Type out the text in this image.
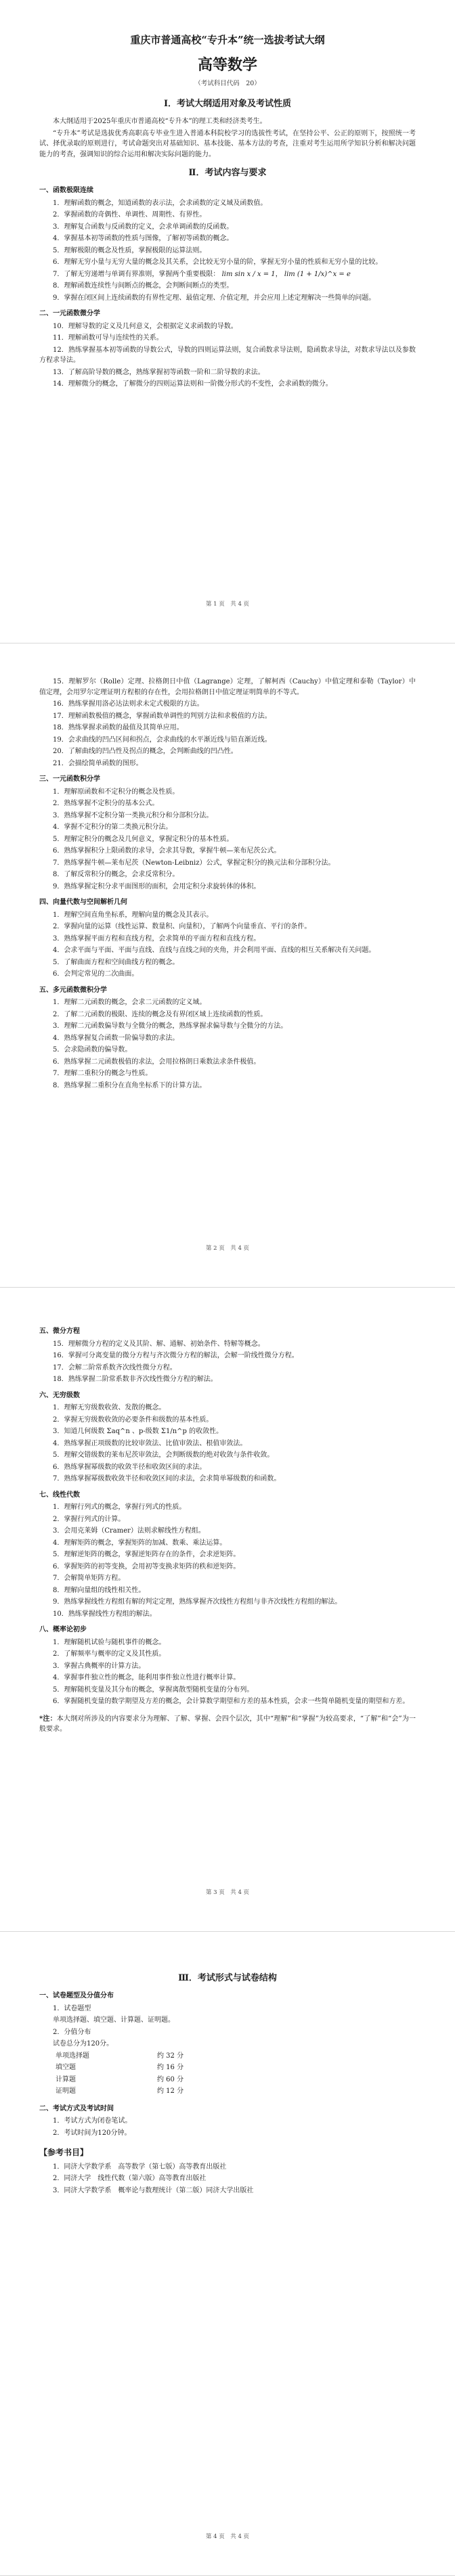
重庆市普通高校“专升本”统一选拔考试大纲
高等数学
（考试科目代码　20）
Ⅰ．考试大纲适用对象及考试性质

本大纲适用于2025年重庆市普通高校“专升本”的理工类和经济类考生。

“专升本”考试是选拔优秀高职高专毕业生进入普通本科院校学习的选拔性考试，在坚持公平、公正的原则下，按照统一考试、择优录取的原则进行，考试命题突出对基础知识、基本技能、基本方法的考查，注重对考生运用所学知识分析和解决问题能力的考查，强调知识的综合运用和解决实际问题的能力。

Ⅱ．考试内容与要求
一、函数极限连续

1．理解函数的概念，知道函数的表示法，会求函数的定义域及函数值。

2．掌握函数的奇偶性、单调性、周期性、有界性。

3．理解复合函数与反函数的定义，会求单调函数的反函数。

4．掌握基本初等函数的性质与图像，了解初等函数的概念。

5．理解极限的概念及性质，掌握极限的运算法则。

6．理解无穷小量与无穷大量的概念及其关系，会比较无穷小量的阶，掌握无穷小量的性质和无穷小量的比较。

7．了解无穷递增与单调有界准则，掌握两个重要极限： lim sin x / x = 1， lim (1 + 1/x)^x = e

8．理解函数连续性与间断点的概念，会判断间断点的类型。

9．掌握在闭区间上连续函数的有界性定理、最值定理、介值定理，并会应用上述定理解决一些简单的问题。

二、一元函数微分学

10．理解导数的定义及几何意义，会根据定义求函数的导数。

11．理解函数可导与连续性的关系。

12．熟练掌握基本初等函数的导数公式，导数的四则运算法则，复合函数求导法则，隐函数求导法，对数求导法以及参数方程求导法。

13．了解高阶导数的概念，熟练掌握初等函数一阶和二阶导数的求法。

14．理解微分的概念，了解微分的四则运算法则和一阶微分形式的不变性，会求函数的微分。

第 1 页　共 4 页

15．理解罗尔（Rolle）定理、拉格朗日中值（Lagrange）定理，了解柯西（Cauchy）中值定理和泰勒（Taylor）中值定理，会用罗尔定理证明方程根的存在性，会用拉格朗日中值定理证明简单的不等式。

16．熟练掌握用洛必达法则求未定式极限的方法。

17．理解函数极值的概念，掌握函数单调性的判别方法和求极值的方法。

18．熟练掌握求函数的最值及其简单应用。

19．会求曲线的凹凸区间和拐点，会求曲线的水平渐近线与铅直渐近线。

20．了解曲线的凹凸性及拐点的概念，会判断曲线的凹凸性。

21．会描绘简单函数的图形。

三、一元函数积分学

1．理解原函数和不定积分的概念及性质。

2．熟练掌握不定积分的基本公式。

3．熟练掌握不定积分第一类换元积分和分部积分法。

4．掌握不定积分的第二类换元积分法。

5．理解定积分的概念及几何意义，掌握定积分的基本性质。

6．熟练掌握积分上限函数的求导，会求其导数，掌握牛顿—莱布尼茨公式。

7．熟练掌握牛顿—莱布尼茨（Newton-Leibniz）公式，掌握定积分的换元法和分部积分法。

8．了解反常积分的概念，会求反常积分。

9．熟练掌握定积分求平面图形的面积，会用定积分求旋转体的体积。

四、向量代数与空间解析几何

1．理解空间直角坐标系，理解向量的概念及其表示。

2．掌握向量的运算（线性运算、数量积、向量积），了解两个向量垂直、平行的条件。

3．熟练掌握平面方程和直线方程，会求简单的平面方程和直线方程。

4．会求平面与平面、平面与直线、直线与直线之间的夹角，并会利用平面、直线的相互关系解决有关问题。

5．了解曲面方程和空间曲线方程的概念。

6．会判定常见的二次曲面。

五、多元函数微积分学

1．理解二元函数的概念，会求二元函数的定义域。

2．了解二元函数的极限、连续的概念及有界闭区域上连续函数的性质。

3．理解二元函数偏导数与全微分的概念，熟练掌握求偏导数与全微分的方法。

4．熟练掌握复合函数一阶偏导数的求法。

5．会求隐函数的偏导数。

6．熟练掌握二元函数极值的求法，会用拉格朗日乘数法求条件极值。

7．理解二重积分的概念与性质。

8．熟练掌握二重积分在直角坐标系下的计算方法。

第 2 页　共 4 页
五、微分方程

15．理解微分方程的定义及其阶、解、通解、初始条件、特解等概念。

16．掌握可分离变量的微分方程与齐次微分方程的解法，会解一阶线性微分方程。

17．会解二阶常系数齐次线性微分方程。

18．熟练掌握二阶常系数非齐次线性微分方程的解法。

六、无穷级数

1．理解无穷级数收敛、发散的概念。

2．掌握无穷级数收敛的必要条件和级数的基本性质。

3．知道几何级数 Σaq^n 、p-级数 Σ1/n^p 的收敛性。

4．熟练掌握正项级数的比较审敛法、比值审敛法、根值审敛法。

5．理解交错级数的莱布尼茨审敛法，会判断级数的绝对收敛与条件收敛。

6．熟练掌握幂级数的收敛半径和收敛区间的求法。

7．熟练掌握幂级数收敛半径和收敛区间的求法，会求简单幂级数的和函数。

七、线性代数

1．理解行列式的概念，掌握行列式的性质。

2．掌握行列式的计算。

3．会用克莱姆（Cramer）法则求解线性方程组。

4．理解矩阵的概念，掌握矩阵的加减、数乘、乘法运算。

5．理解逆矩阵的概念，掌握逆矩阵存在的条件，会求逆矩阵。

6．掌握矩阵的初等变换，会用初等变换求矩阵的秩和逆矩阵。

7．会解简单矩阵方程。

8．理解向量组的线性相关性。

9．熟练掌握线性方程组有解的判定定理，熟练掌握齐次线性方程组与非齐次线性方程组的解法。

10．熟练掌握线性方程组的解法。

八、概率论初步

1．理解随机试验与随机事件的概念。

2．了解频率与概率的定义及其性质。

3．掌握古典概率的计算方法。

4．掌握事件独立性的概念，能利用事件独立性进行概率计算。

5．理解随机变量及其分布的概念，掌握离散型随机变量的分布列。

6．掌握随机变量的数学期望及方差的概念，会计算数学期望和方差的基本性质，会求一些简单随机变量的期望和方差。

*注：本大纲对所涉及的内容要求分为理解、了解、掌握、会四个层次，其中“理解”和“掌握”为较高要求，“了解”和“会”为一般要求。
第 3 页　共 4 页
Ⅲ．考试形式与试卷结构
一、试卷题型及分值分布

1．试卷题型

单项选择题、填空题、计算题、证明题。

2．分值分布

试卷总分为120分。

单项选择题	约 32 分
填空题	约 16 分
计算题	约 60 分
证明题	约 12 分
二、考试方式及考试时间

1．考试方式为闭卷笔试。

2．考试时间为120分钟。

【参考书目】

1．同济大学数学系　高等数学（第七版）高等教育出版社

2．同济大学　线性代数（第六版）高等教育出版社

3．同济大学数学系　概率论与数理统计（第二版）同济大学出版社

第 4 页　共 4 页
